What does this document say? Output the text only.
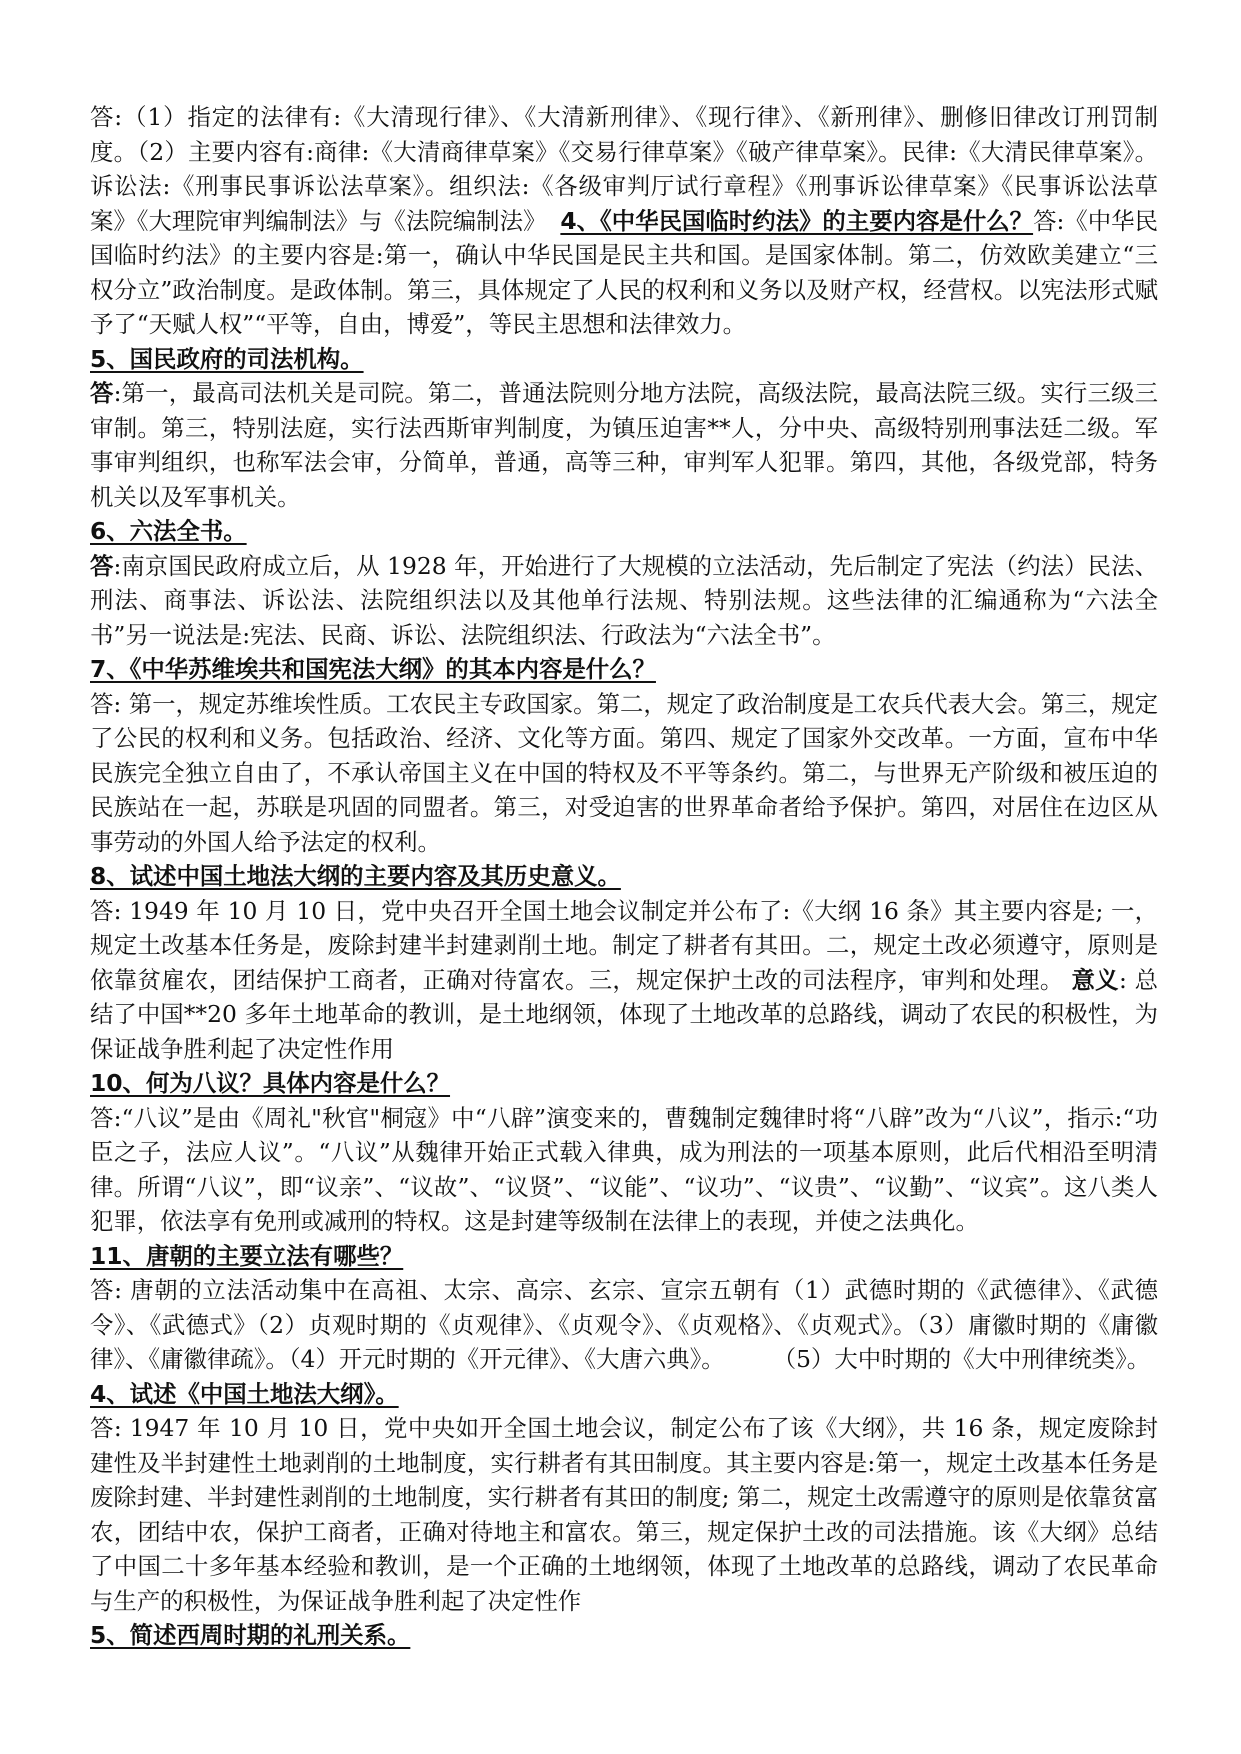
答:（1）指定的法律有:《大清现行律》、《大清新刑律》、《现行律》、《新刑律》、删修旧律改订刑罚制度。（2）主要内容有:商律:《大清商律草案》《交易行律草案》《破产律草案》。民律:《大清民律草案》。诉讼法:《刑事民事诉讼法草案》。组织法:《各级审判厅试行章程》《刑事诉讼律草案》《民事诉讼法草案》《大理院审判编制法》与《法院编制法》 4、《中华民国临时约法》的主要内容是什么？答:《中华民国临时约法》的主要内容是:第一，确认中华民国是民主共和国。是国家体制。第二，仿效欧美建立“三权分立”政治制度。是政体制。第三，具体规定了人民的权利和义务以及财产权，经营权。以宪法形式赋予了“天赋人权”“平等，自由，博爱”，等民主思想和法律效力。

5、国民政府的司法机构。

答:第一，最高司法机关是司院。第二，普通法院则分地方法院，高级法院，最高法院三级。实行三级三审制。第三，特别法庭，实行法西斯审判制度，为镇压迫害**人，分中央、高级特别刑事法廷二级。军事审判组织，也称军法会审，分简单，普通，高等三种，审判军人犯罪。第四，其他，各级党部，特务机关以及军事机关。

6、六法全书。

答:南京国民政府成立后，从 1928 年，开始进行了大规模的立法活动，先后制定了宪法（约法）民法、刑法、商事法、诉讼法、法院组织法以及其他单行法规、特别法规。这些法律的汇编通称为“六法全书”另一说法是:宪法、民商、诉讼、法院组织法、行政法为“六法全书”。

7、《中华苏维埃共和国宪法大纲》的其本内容是什么？

答: 第一，规定苏维埃性质。工农民主专政国家。第二，规定了政治制度是工农兵代表大会。第三，规定了公民的权利和义务。包括政治、经济、文化等方面。第四、规定了国家外交改革。一方面，宣布中华民族完全独立自由了，不承认帝国主义在中国的特权及不平等条约。第二，与世界无产阶级和被压迫的民族站在一起，苏联是巩固的同盟者。第三，对受迫害的世界革命者给予保护。第四，对居住在边区从事劳动的外国人给予法定的权利。

8、试述中国土地法大纲的主要内容及其历史意义。

答: 1949 年 10 月 10 日，党中央召开全国土地会议制定并公布了:《大纲 16 条》其主要内容是; 一，规定土改基本任务是，废除封建半封建剥削土地。制定了耕者有其田。二，规定土改必须遵守，原则是依靠贫雇农，团结保护工商者，正确对待富农。三，规定保护土改的司法程序，审判和处理。 意义: 总结了中国**20 多年土地革命的教训，是土地纲领，体现了土地改革的总路线，调动了农民的积极性，为保证战争胜利起了决定性作用

10、何为八议？具体内容是什么？

答:“八议”是由《周礼"秋官"桐寇》中“八辟”演变来的，曹魏制定魏律时将“八辟”改为“八议”，指示:“功臣之子，法应人议”。“八议”从魏律开始正式载入律典，成为刑法的一项基本原则，此后代相沿至明清律。所谓“八议”，即“议亲”、“议故”、“议贤”、“议能”、“议功”、“议贵”、“议勤”、“议宾”。这八类人犯罪，依法享有免刑或减刑的特权。这是封建等级制在法律上的表现，并使之法典化。

11、唐朝的主要立法有哪些？

答: 唐朝的立法活动集中在高祖、太宗、高宗、玄宗、宣宗五朝有（1）武德时期的《武德律》、《武德令》、《武德式》（2）贞观时期的《贞观律》、《贞观令》、《贞观格》、《贞观式》。（3）庸徽时期的《庸徽律》、《庸徽律疏》。（4）开元时期的《开元律》、《大唐六典》。 （5）大中时期的《大中刑律统类》。

4、试述《中国土地法大纲》。

答: 1947 年 10 月 10 日，党中央如开全国土地会议，制定公布了该《大纲》，共 16 条，规定废除封建性及半封建性土地剥削的土地制度，实行耕者有其田制度。其主要内容是:第一，规定土改基本任务是废除封建、半封建性剥削的土地制度，实行耕者有其田的制度; 第二，规定土改需遵守的原则是依靠贫富农，团结中农，保护工商者，正确对待地主和富农。第三，规定保护土改的司法措施。该《大纲》总结了中国二十多年基本经验和教训，是一个正确的土地纲领，体现了土地改革的总路线，调动了农民革命与生产的积极性，为保证战争胜利起了决定性作

5、简述西周时期的礼刑关系。
